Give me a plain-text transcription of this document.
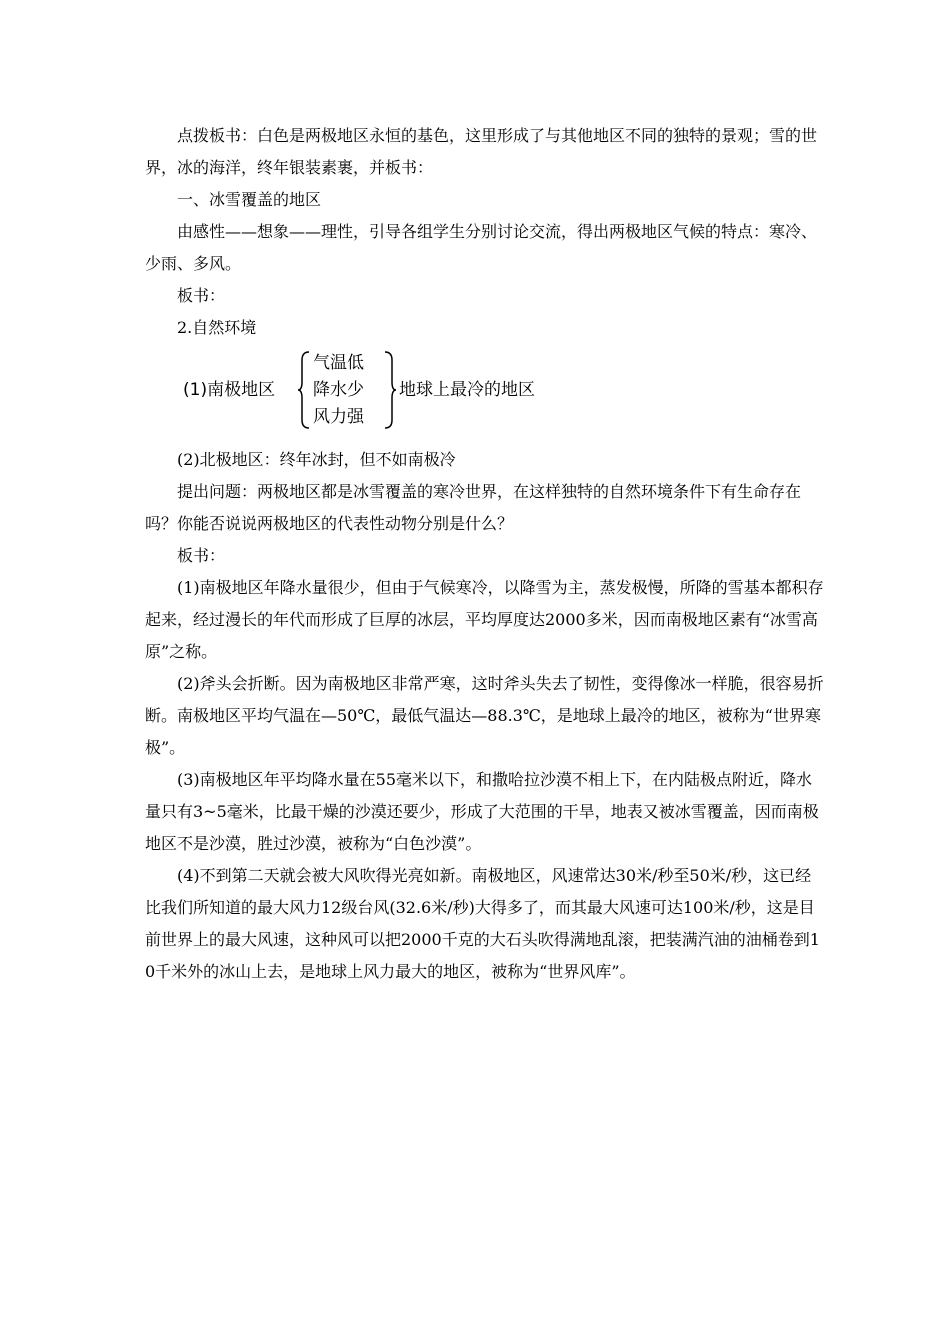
点拨板书：白色是两极地区永恒的基色，这里形成了与其他地区不同的独特的景观；雪的世界，冰的海洋，终年银装素裹，并板书：

一、冰雪覆盖的地区

由感性——想象——理性，引导各组学生分别讨论交流，得出两极地区气候的特点：寒冷、少雨、多风。

板书：

2.自然环境

(1)南极地区
气温低
降水少
风力强
地球上最冷的地区

(2)北极地区：终年冰封，但不如南极冷

提出问题：两极地区都是冰雪覆盖的寒冷世界，在这样独特的自然环境条件下有生命存在吗？你能否说说两极地区的代表性动物分别是什么？

板书：

(1)南极地区年降水量很少，但由于气候寒冷，以降雪为主，蒸发极慢，所降的雪基本都积存起来，经过漫长的年代而形成了巨厚的冰层，平均厚度达2000多米，因而南极地区素有“冰雪高原”之称。

(2)斧头会折断。因为南极地区非常严寒，这时斧头失去了韧性，变得像冰一样脆，很容易折断。南极地区平均气温在—50℃，最低气温达—88.3℃，是地球上最冷的地区，被称为“世界寒极”。

(3)南极地区年平均降水量在55毫米以下，和撒哈拉沙漠不相上下，在内陆极点附近，降水量只有3~5毫米，比最干燥的沙漠还要少，形成了大范围的干旱，地表又被冰雪覆盖，因而南极地区不是沙漠，胜过沙漠，被称为“白色沙漠”。

(4)不到第二天就会被大风吹得光亮如新。南极地区，风速常达30米/秒至50米/秒，这已经比我们所知道的最大风力12级台风(32.6米/秒)大得多了，而其最大风速可达100米/秒，这是目前世界上的最大风速，这种风可以把2000千克的大石头吹得满地乱滚，把装满汽油的油桶卷到10千米外的冰山上去，是地球上风力最大的地区，被称为“世界风库”。
